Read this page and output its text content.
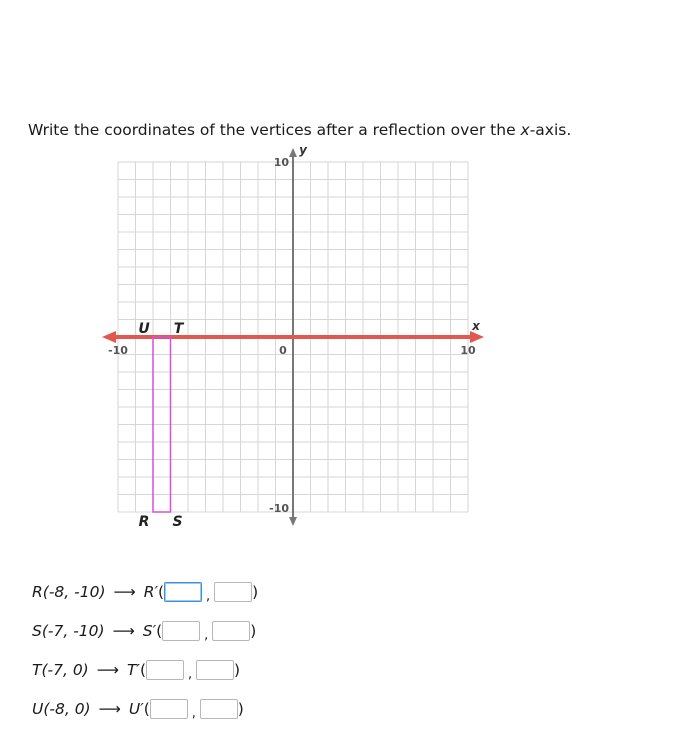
Write the coordinates of the vertices after a reflection over the x-axis.
R S
T
U
-10	10
10
-10
0
x
y
R(-8, -10) ⟶ R′ (	,	)
S(-7, -10) ⟶ S′ (	,	)
T(-7, 0) ⟶ T′ (	,	)
U(-8, 0) ⟶ U′ (	,	)
